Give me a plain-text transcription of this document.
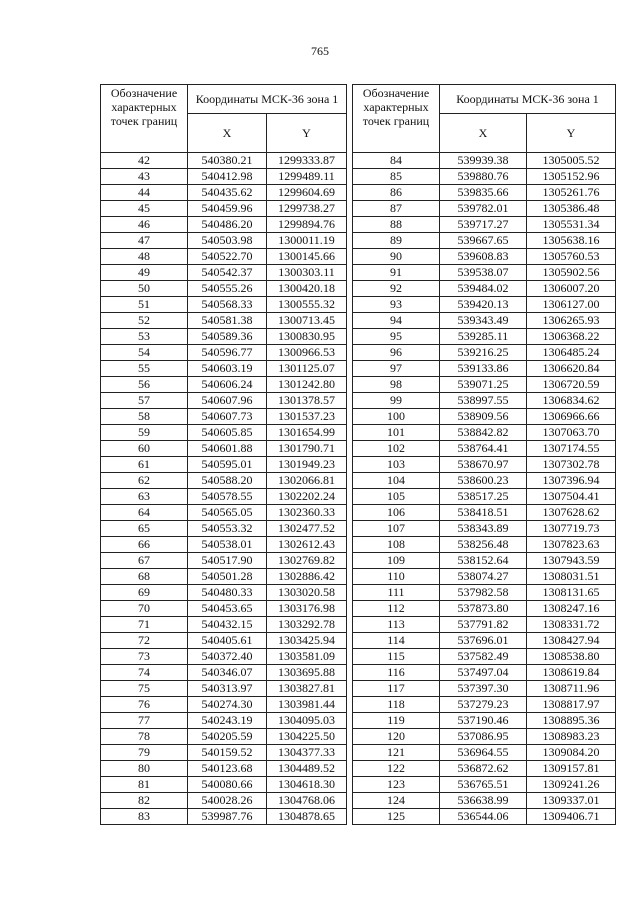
765
Обозначение характерных точек границ	Координаты МСК-36 зона 1	
	X	Y
42	540380.21	1299333.87
43	540412.98	1299489.11
44	540435.62	1299604.69
45	540459.96	1299738.27
46	540486.20	1299894.76
47	540503.98	1300011.19
48	540522.70	1300145.66
49	540542.37	1300303.11
50	540555.26	1300420.18
51	540568.33	1300555.32
52	540581.38	1300713.45
53	540589.36	1300830.95
54	540596.77	1300966.53
55	540603.19	1301125.07
56	540606.24	1301242.80
57	540607.96	1301378.57
58	540607.73	1301537.23
59	540605.85	1301654.99
60	540601.88	1301790.71
61	540595.01	1301949.23
62	540588.20	1302066.81
63	540578.55	1302202.24
64	540565.05	1302360.33
65	540553.32	1302477.52
66	540538.01	1302612.43
67	540517.90	1302769.82
68	540501.28	1302886.42
69	540480.33	1303020.58
70	540453.65	1303176.98
71	540432.15	1303292.78
72	540405.61	1303425.94
73	540372.40	1303581.09
74	540346.07	1303695.88
75	540313.97	1303827.81
76	540274.30	1303981.44
77	540243.19	1304095.03
78	540205.59	1304225.50
79	540159.52	1304377.33
80	540123.68	1304489.52
81	540080.66	1304618.30
82	540028.26	1304768.06
83	539987.76	1304878.65
Обозначение характерных точек границ	Координаты МСК-36 зона 1	
	X	Y
84	539939.38	1305005.52
85	539880.76	1305152.96
86	539835.66	1305261.76
87	539782.01	1305386.48
88	539717.27	1305531.34
89	539667.65	1305638.16
90	539608.83	1305760.53
91	539538.07	1305902.56
92	539484.02	1306007.20
93	539420.13	1306127.00
94	539343.49	1306265.93
95	539285.11	1306368.22
96	539216.25	1306485.24
97	539133.86	1306620.84
98	539071.25	1306720.59
99	538997.55	1306834.62
100	538909.56	1306966.66
101	538842.82	1307063.70
102	538764.41	1307174.55
103	538670.97	1307302.78
104	538600.23	1307396.94
105	538517.25	1307504.41
106	538418.51	1307628.62
107	538343.89	1307719.73
108	538256.48	1307823.63
109	538152.64	1307943.59
110	538074.27	1308031.51
111	537982.58	1308131.65
112	537873.80	1308247.16
113	537791.82	1308331.72
114	537696.01	1308427.94
115	537582.49	1308538.80
116	537497.04	1308619.84
117	537397.30	1308711.96
118	537279.23	1308817.97
119	537190.46	1308895.36
120	537086.95	1308983.23
121	536964.55	1309084.20
122	536872.62	1309157.81
123	536765.51	1309241.26
124	536638.99	1309337.01
125	536544.06	1309406.71
